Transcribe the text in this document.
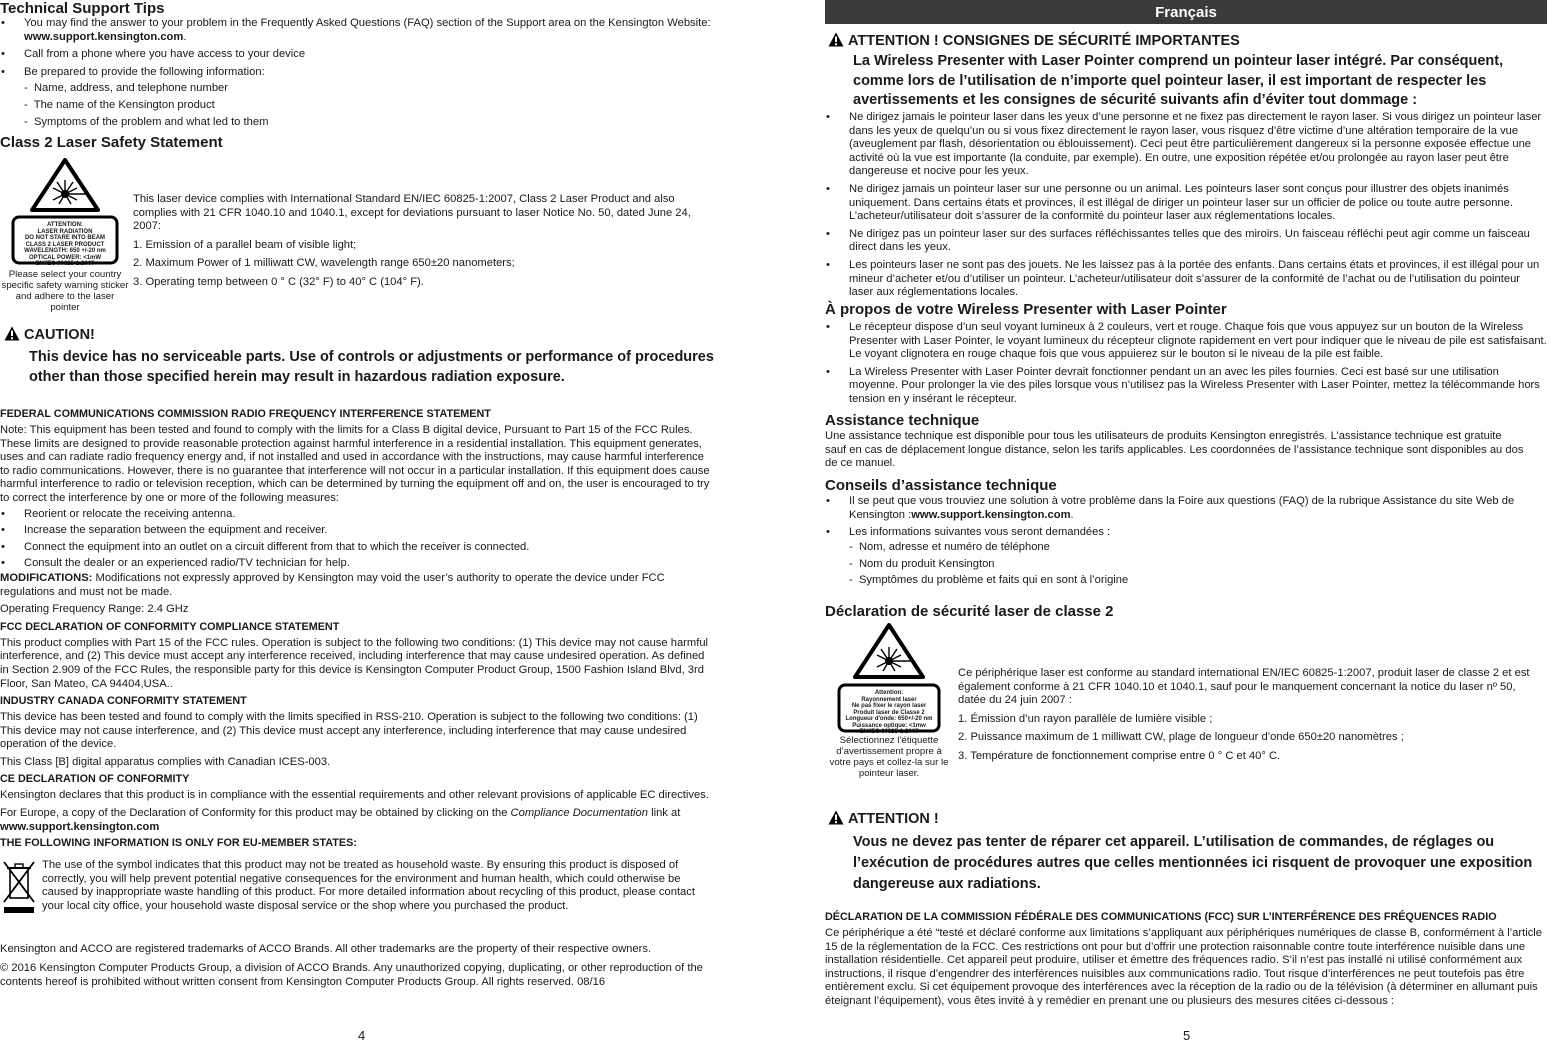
Technical Support Tips
• You may find the answer to your problem in the Frequently Asked Questions (FAQ) section of the Support area on the Kensington Website: www.support.kensington.com.
• Call from a phone where you have access to your device
• Be prepared to provide the following information:
- Name, address, and telephone number
- The name of the Kensington product
- Symptoms of the problem and what led to them
Class 2 Laser Safety Statement
ATTENTION:
LASER RADIATION
DO NOT STARE INTO BEAM
CLASS 2 LASER PRODUCT
WAVELENGTH: 650 +/-20 nm
OPTICAL POWER: <1mW
EN/IEC 60825-1:2007
Please select your country specific safety warning sticker and adhere to the laser pointer

This laser device complies with International Standard EN/IEC 60825-1:2007, Class 2 Laser Product and also complies with 21 CFR 1040.10 and 1040.1, except for deviations pursuant to laser Notice No. 50, dated June 24, 2007:

1. Emission of a parallel beam of visible light;

2. Maximum Power of 1 milliwatt CW, wavelength range 650±20 nanometers;

3. Operating temp between 0 ° C (32° F) to 40° C (104° F).

CAUTION!

This device has no serviceable parts. Use of controls or adjustments or performance of procedures other than those specified herein may result in hazardous radiation exposure.

FEDERAL COMMUNICATIONS COMMISSION RADIO FREQUENCY INTERFERENCE STATEMENT

Note: This equipment has been tested and found to comply with the limits for a Class B digital device, Pursuant to Part 15 of the FCC Rules. These limits are designed to provide reasonable protection against harmful interference in a residential installation. This equipment generates, uses and can radiate radio frequency energy and, if not installed and used in accordance with the instructions, may cause harmful interference to radio communications. However, there is no guarantee that interference will not occur in a particular installation. If this equipment does cause harmful interference to radio or television reception, which can be determined by turning the equipment off and on, the user is encouraged to try to correct the interference by one or more of the following measures:

• Reorient or relocate the receiving antenna.
• Increase the separation between the equipment and receiver.
• Connect the equipment into an outlet on a circuit different from that to which the receiver is connected.
• Consult the dealer or an experienced radio/TV technician for help.

MODIFICATIONS: Modifications not expressly approved by Kensington may void the user’s authority to operate the device under FCC regulations and must not be made.

Operating Frequency Range: 2.4 GHz

FCC DECLARATION OF CONFORMITY COMPLIANCE STATEMENT

This product complies with Part 15 of the FCC rules. Operation is subject to the following two conditions: (1) This device may not cause harmful interference, and (2) This device must accept any interference received, including interference that may cause undesired operation. As defined in Section 2.909 of the FCC Rules, the responsible party for this device is Kensington Computer Product Group, 1500 Fashion Island Blvd, 3rd Floor, San Mateo, CA 94404,USA..

INDUSTRY CANADA CONFORMITY STATEMENT

This device has been tested and found to comply with the limits specified in RSS-210. Operation is subject to the following two conditions: (1) This device may not cause interference, and (2) This device must accept any interference, including interference that may cause undesired operation of the device.

This Class [B] digital apparatus complies with Canadian ICES-003.

CE DECLARATION OF CONFORMITY

Kensington declares that this product is in compliance with the essential requirements and other relevant provisions of applicable EC directives.

For Europe, a copy of the Declaration of Conformity for this product may be obtained by clicking on the Compliance Documentation link at www.support.kensington.com

THE FOLLOWING INFORMATION IS ONLY FOR EU-MEMBER STATES:

The use of the symbol indicates that this product may not be treated as household waste. By ensuring this product is disposed of correctly, you will help prevent potential negative consequences for the environment and human health, which could otherwise be caused by inappropriate waste handling of this product. For more detailed information about recycling of this product, please contact your local city office, your household waste disposal service or the shop where you purchased the product.

Kensington and ACCO are registered trademarks of ACCO Brands. All other trademarks are the property of their respective owners.

© 2016 Kensington Computer Products Group, a division of ACCO Brands. Any unauthorized copying, duplicating, or other reproduction of the contents hereof is prohibited without written consent from Kensington Computer Products Group. All rights reserved. 08/16

4
Français
ATTENTION ! CONSIGNES DE SÉCURITÉ IMPORTANTES

La Wireless Presenter with Laser Pointer comprend un pointeur laser intégré. Par conséquent, comme lors de l’utilisation de n’importe quel pointeur laser, il est important de respecter les avertissements et les consignes de sécurité suivants afin d’éviter tout dommage :

• Ne dirigez jamais le pointeur laser dans les yeux d’une personne et ne fixez pas directement le rayon laser. Si vous dirigez un pointeur laser dans les yeux de quelqu’un ou si vous fixez directement le rayon laser, vous risquez d’être victime d’une altération temporaire de la vue (aveuglement par flash, désorientation ou éblouissement). Ceci peut être particulièrement dangereux si la personne exposée effectue une activité où la vue est importante (la conduite, par exemple). En outre, une exposition répétée et/ou prolongée au rayon laser peut être dangereuse et nocive pour les yeux.
• Ne dirigez jamais un pointeur laser sur une personne ou un animal. Les pointeurs laser sont conçus pour illustrer des objets inanimés uniquement. Dans certains états et provinces, il est illégal de diriger un pointeur laser sur un officier de police ou toute autre personne. L’acheteur/utilisateur doit s’assurer de la conformité du pointeur laser aux réglementations locales.
• Ne dirigez pas un pointeur laser sur des surfaces réfléchissantes telles que des miroirs. Un faisceau réfléchi peut agir comme un faisceau direct dans les yeux.
• Les pointeurs laser ne sont pas des jouets. Ne les laissez pas à la portée des enfants. Dans certains états et provinces, il est illégal pour un mineur d’acheter et/ou d’utiliser un pointeur. L’acheteur/utilisateur doit s’assurer de la conformité de l’achat ou de l’utilisation du pointeur laser aux réglementations locales.
À propos de votre Wireless Presenter with Laser Pointer
• Le récepteur dispose d’un seul voyant lumineux à 2 couleurs, vert et rouge. Chaque fois que vous appuyez sur un bouton de la Wireless Presenter with Laser Pointer, le voyant lumineux du récepteur clignote rapidement en vert pour indiquer que le niveau de pile est satisfaisant. Le voyant clignotera en rouge chaque fois que vous appuierez sur le bouton si le niveau de la pile est faible.
• La Wireless Presenter with Laser Pointer devrait fonctionner pendant un an avec les piles fournies. Ceci est basé sur une utilisation moyenne. Pour prolonger la vie des piles lorsque vous n’utilisez pas la Wireless Presenter with Laser Pointer, mettez la télécommande hors tension en y insérant le récepteur.
Assistance technique

Une assistance technique est disponible pour tous les utilisateurs de produits Kensington enregistrés. L’assistance technique est gratuite sauf en cas de déplacement longue distance, selon les tarifs applicables. Les coordonnées de l’assistance technique sont disponibles au dos de ce manuel.

Conseils d’assistance technique
• Il se peut que vous trouviez une solution à votre problème dans la Foire aux questions (FAQ) de la rubrique Assistance du site Web de Kensington :www.support.kensington.com.
• Les informations suivantes vous seront demandées :
- Nom, adresse et numéro de téléphone
- Nom du produit Kensington
- Symptômes du problème et faits qui en sont à l’origine
Déclaration de sécurité laser de classe 2
Attention:
Rayonnement laser
Ne pas fixer le rayon laser
Produit laser de Classe 2
Longueur d'onde: 650+/-20 nm
Puissance optique: <1mw
EN/IEC 60825-1:2007
Sélectionnez l’étiquette d’avertissement propre à votre pays et collez-la sur le pointeur laser.

Ce périphérique laser est conforme au standard international EN/IEC 60825-1:2007, produit laser de classe 2 et est également conforme à 21 CFR 1040.10 et 1040.1, sauf pour le manquement concernant la notice du laser nº 50, datée du 24 juin 2007 :

1. Émission d’un rayon parallèle de lumière visible ;

2. Puissance maximum de 1 milliwatt CW, plage de longueur d’onde 650±20 nanomètres ;

3. Température de fonctionnement comprise entre 0 ° C et 40° C.

ATTENTION !

Vous ne devez pas tenter de réparer cet appareil. L’utilisation de commandes, de réglages ou l’exécution de procédures autres que celles mentionnées ici risquent de provoquer une exposition dangereuse aux radiations.

DÉCLARATION DE LA COMMISSION FÉDÉRALE DES COMMUNICATIONS (FCC) SUR L’INTERFÉRENCE DES FRÉQUENCES RADIO

Ce périphérique a été “testé et déclaré conforme aux limitations s’appliquant aux périphériques numériques de classe B, conformément à l’article 15 de la réglementation de la FCC. Ces restrictions ont pour but d’offrir une protection raisonnable contre toute interférence nuisible dans une installation résidentielle. Cet appareil peut produire, utiliser et émettre des fréquences radio. S’il n’est pas installé ni utilisé conformément aux instructions, il risque d’engendrer des interférences nuisibles aux communications radio. Tout risque d’interférences ne peut toutefois pas être entièrement exclu. Si cet équipement provoque des interférences avec la réception de la radio ou de la télévision (à déterminer en allumant puis éteignant l’équipement), vous êtes invité à y remédier en prenant une ou plusieurs des mesures citées ci-dessous :

5
